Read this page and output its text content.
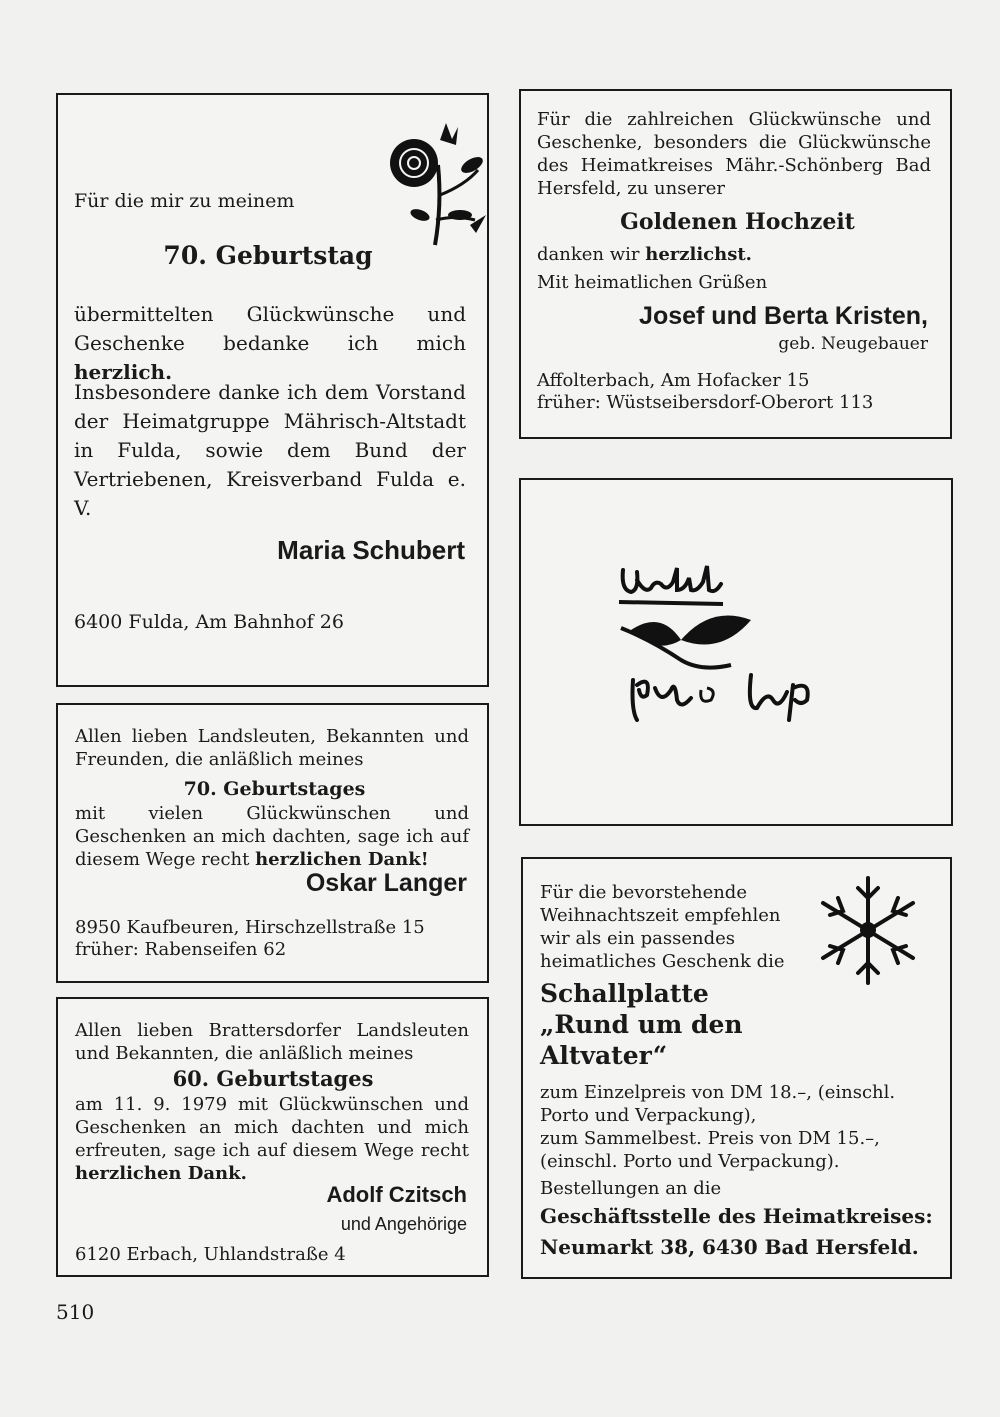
Für die mir zu meinem

70. Geburtstag

übermittelten Glückwünsche und Geschenke bedanke ich mich herzlich.

Insbesondere danke ich dem Vorstand der Heimatgruppe Mährisch-Altstadt in Fulda, sowie dem Bund der Vertriebenen, Kreisverband Fulda e. V.

Maria Schubert

6400 Fulda, Am Bahnhof 26

Für die zahlreichen Glückwünsche und Geschenke, besonders die Glückwünsche des Heimatkreises Mähr.-Schönberg Bad Hersfeld, zu unserer

Goldenen Hochzeit

danken wir herzlichst.

Mit heimatlichen Grüßen

Josef und Berta Kristen,

geb. Neugebauer

Affolterbach, Am Hofacker 15

früher: Wüstseibersdorf-Oberort 113

Allen lieben Landsleuten, Bekannten und Freunden, die anläßlich meines

70. Geburtstages

mit vielen Glückwünschen und Geschenken an mich dachten, sage ich auf diesem Wege recht herzlichen Dank!

Oskar Langer

8950 Kaufbeuren, Hirschzellstraße 15

früher: Rabenseifen 62

Allen lieben Brattersdorfer Landsleuten und Bekannten, die anläßlich meines

60. Geburtstages

am 11. 9. 1979 mit Glückwünschen und Geschenken an mich dachten und mich erfreuten, sage ich auf diesem Wege recht herzlichen Dank.

Adolf Czitsch

und Angehörige

6120 Erbach, Uhlandstraße 4

Für die bevorstehende Weihnachtszeit empfehlen wir als ein passendes heimatliches Geschenk die

Schallplatte

„Rund um den

Altvater“

zum Einzelpreis von DM 18.–, (einschl. Porto und Verpackung),

zum Sammelbest. Preis von DM 15.–, (einschl. Porto und Verpackung).

Bestellungen an die

Geschäftsstelle des Heimatkreises:

Neumarkt 38, 6430 Bad Hersfeld.

510
